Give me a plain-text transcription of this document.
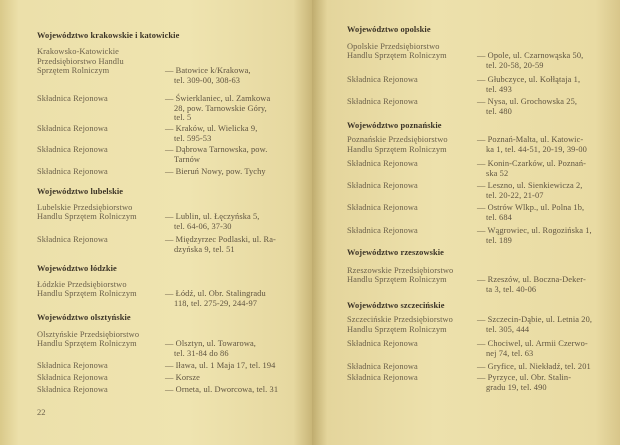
22
Województwo krakowskie i katowickie
Krakowsko-Katowickie
Przedsiębiorstwo Handlu
Sprzętem Rolniczym	— Batowice k/Krakowa,
tel. 309-00, 308-63
Składnica Rejonowa	— Świerklaniec, ul. Zamkowa
28, pow. Tarnowskie Góry,
tel. 5
Składnica Rejonowa	— Kraków, ul. Wielicka 9,
tel. 595-53
Składnica Rejonowa	— Dąbrowa Tarnowska, pow.
Tarnów
Składnica Rejonowa	— Bieruń Nowy, pow. Tychy
Województwo lubelskie
Lubelskie Przedsiębiorstwo
Handlu Sprzętem Rolniczym	— Lublin, ul. Łęczyńska 5,
tel. 64-06, 37-30
Składnica Rejonowa	— Międzyrzec Podlaski, ul. Ra-
dzyńska 9, tel. 51
Województwo łódzkie
Łódzkie Przedsiębiorstwo
Handlu Sprzętem Rolniczym	— Łódź, ul. Obr. Stalingradu
118, tel. 275-29, 244-97
Województwo olsztyńskie
Olsztyńskie Przedsiębiorstwo
Handlu Sprzętem Rolniczym	— Olsztyn, ul. Towarowa,
tel. 31-84 do 86
Składnica Rejonowa	— Iława, ul. 1 Maja 17, tel. 194
Składnica Rejonowa	— Korsze
Składnica Rejonowa	— Orneta, ul. Dworcowa, tel. 31
Województwo opolskie
Opolskie Przedsiębiorstwo
Handlu Sprzętem Rolniczym	— Opole, ul. Czarnowąska 50,
tel. 20-58, 20-59
Składnica Rejonowa	— Głubczyce, ul. Kołłątaja 1,
tel. 493
Składnica Rejonowa	— Nysa, ul. Grochowska 25,
tel. 480
Województwo poznańskie
Poznańskie Przedsiębiorstwo
Handlu Sprzętem Rolniczym
— Poznań-Malta, ul. Katowic-
ka 1, tel. 44-51, 20-19, 39-00
Składnica Rejonowa	— Konin-Czarków, ul. Poznań-
ska 52
Składnica Rejonowa	— Leszno, ul. Sienkiewicza 2,
tel. 20-22, 21-07
Składnica Rejonowa	— Ostrów Wlkp., ul. Polna 1b,
tel. 684
Składnica Rejonowa	— Wągrowiec, ul. Rogozińska 1,
tel. 189
Województwo rzeszowskie
Rzeszowskie Przedsiębiorstwo
Handlu Sprzętem Rolniczym	— Rzeszów, ul. Boczna-Deker-
ta 3, tel. 40-06
Województwo szczecińskie
Szczecińskie Przedsiębiorstwo
Handlu Sprzętem Rolniczym
— Szczecin-Dąbie, ul. Letnia 20,
tel. 305, 444
Składnica Rejonowa	— Chociwel, ul. Armii Czerwo-
nej 74, tel. 63
Składnica Rejonowa	— Gryfice, ul. Niekładź, tel. 201
Składnica Rejonowa	— Pyrzyce, ul. Obr. Stalin-
gradu 19, tel. 490
